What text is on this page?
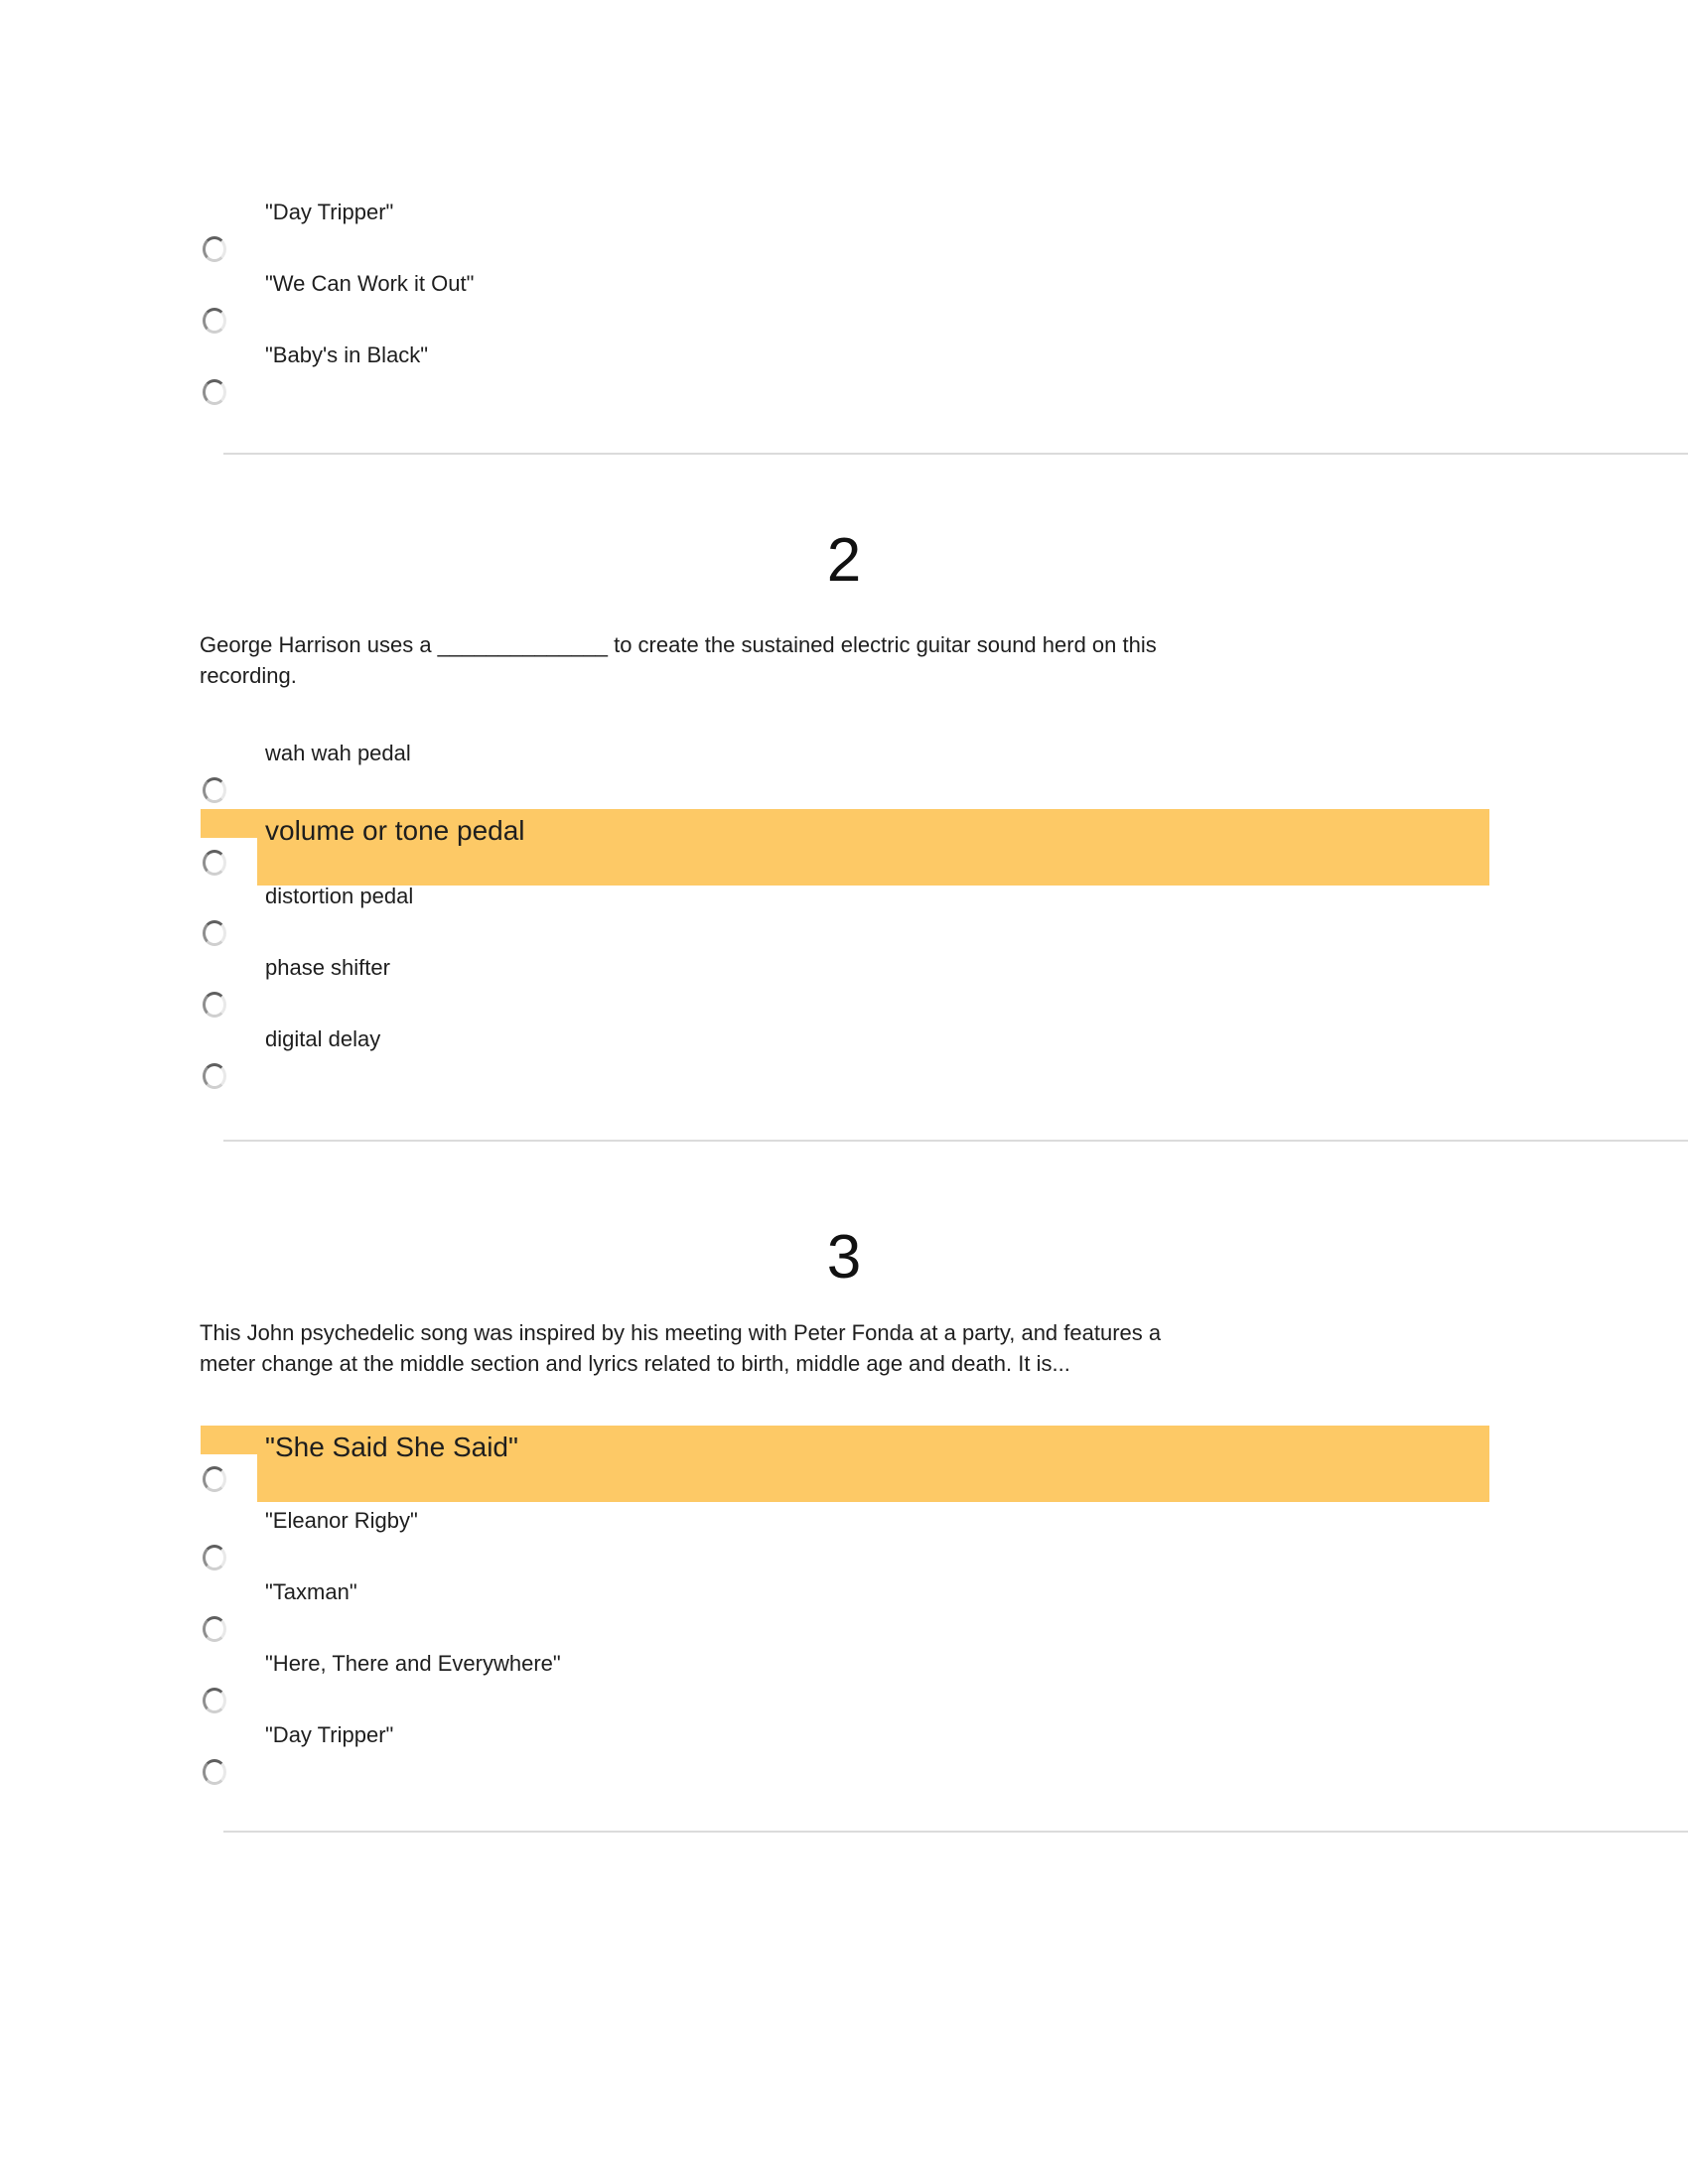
"Day Tripper"
"We Can Work it Out"
"Baby's in Black"
2
George Harrison uses a ______________ to create the sustained electric guitar sound herd on this
recording.
wah wah pedal
volume or tone pedal
distortion pedal
phase shifter
digital delay
3
This John psychedelic song was inspired by his meeting with Peter Fonda at a party, and features a
meter change at the middle section and lyrics related to birth, middle age and death. It is...
"She Said She Said"
"Eleanor Rigby"
"Taxman"
"Here, There and Everywhere"
"Day Tripper"
